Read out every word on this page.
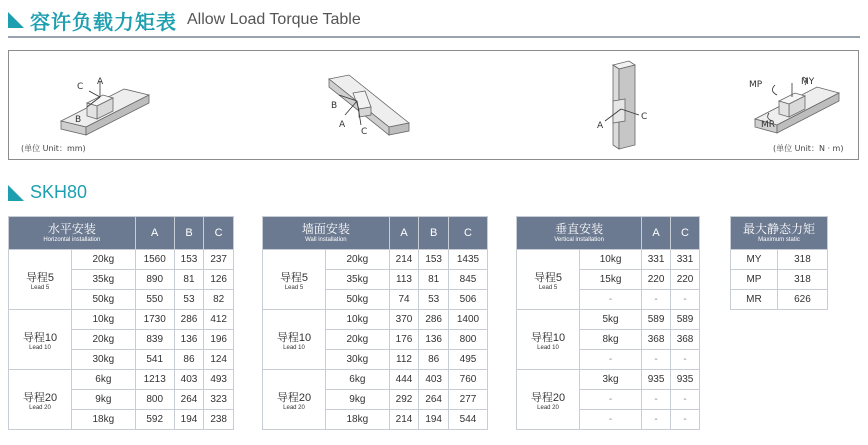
容许负载力矩表 Allow Load Torque Table
A
C
B
B
A
C
A
C
MP	MY
MR
(单位 Unit：mm)	(单位 Unit：N · m)
SKH80
水平安装
Horizontal installation		A	B	C

导程5
Lead 5	20kg	1560	153	237
	35kg	890	81	126
	50kg	550	53	82

导程10
Lead 10	10kg	1730	286	412
	20kg	839	136	196
	30kg	541	86	124

导程20
Lead 20	6kg	1213	403	493
	9kg	800	264	323
	18kg	592	194	238
墙面安装
Wall installation		A	B	C

导程5
Lead 5	20kg	214	153	1435
	35kg	113	81	845
	50kg	74	53	506

导程10
Lead 10	10kg	370	286	1400
	20kg	176	136	800
	30kg	112	86	495

导程20
Lead 20	6kg	444	403	760
	9kg	292	264	277
	18kg	214	194	544
垂直安装
Vertical installation		A	C

导程5
Lead 5	10kg	331	331
	15kg	220	220
	-	-	-

导程10
Lead 10	5kg	589	589
	8kg	368	368
	-	-	-

导程20
Lead 20	3kg	935	935
	-	-	-
	-	-	-
最大静态力矩
Maximum static	

MY	318
MP	318
MR	626
